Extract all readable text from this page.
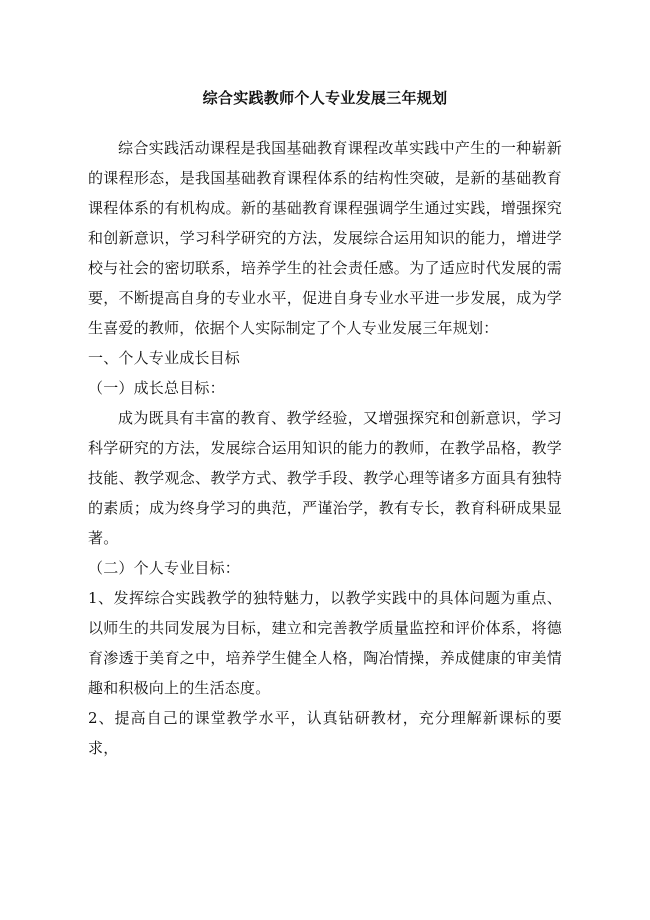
综合实践教师个人专业发展三年规划

综合实践活动课程是我国基础教育课程改革实践中产生的一种崭新的课程形态，是我国基础教育课程体系的结构性突破，是新的基础教育课程体系的有机构成。新的基础教育课程强调学生通过实践，增强探究和创新意识，学习科学研究的方法，发展综合运用知识的能力，增进学校与社会的密切联系，培养学生的社会责任感。为了适应时代发展的需要，不断提高自身的专业水平，促进自身专业水平进一步发展，成为学生喜爱的教师，依据个人实际制定了个人专业发展三年规划：

一、个人专业成长目标

（一）成长总目标：

成为既具有丰富的教育、教学经验，又增强探究和创新意识，学习科学研究的方法，发展综合运用知识的能力的教师，在教学品格，教学技能、教学观念、教学方式、教学手段、教学心理等诸多方面具有独特的素质；成为终身学习的典范，严谨治学，教有专长，教育科研成果显著。

（二）个人专业目标：

1、发挥综合实践教学的独特魅力，以教学实践中的具体问题为重点、以师生的共同发展为目标，建立和完善教学质量监控和评价体系，将德育渗透于美育之中，培养学生健全人格，陶冶情操，养成健康的审美情趣和积极向上的生活态度。

2、提高自己的课堂教学水平，认真钻研教材，充分理解新课标的要求，
